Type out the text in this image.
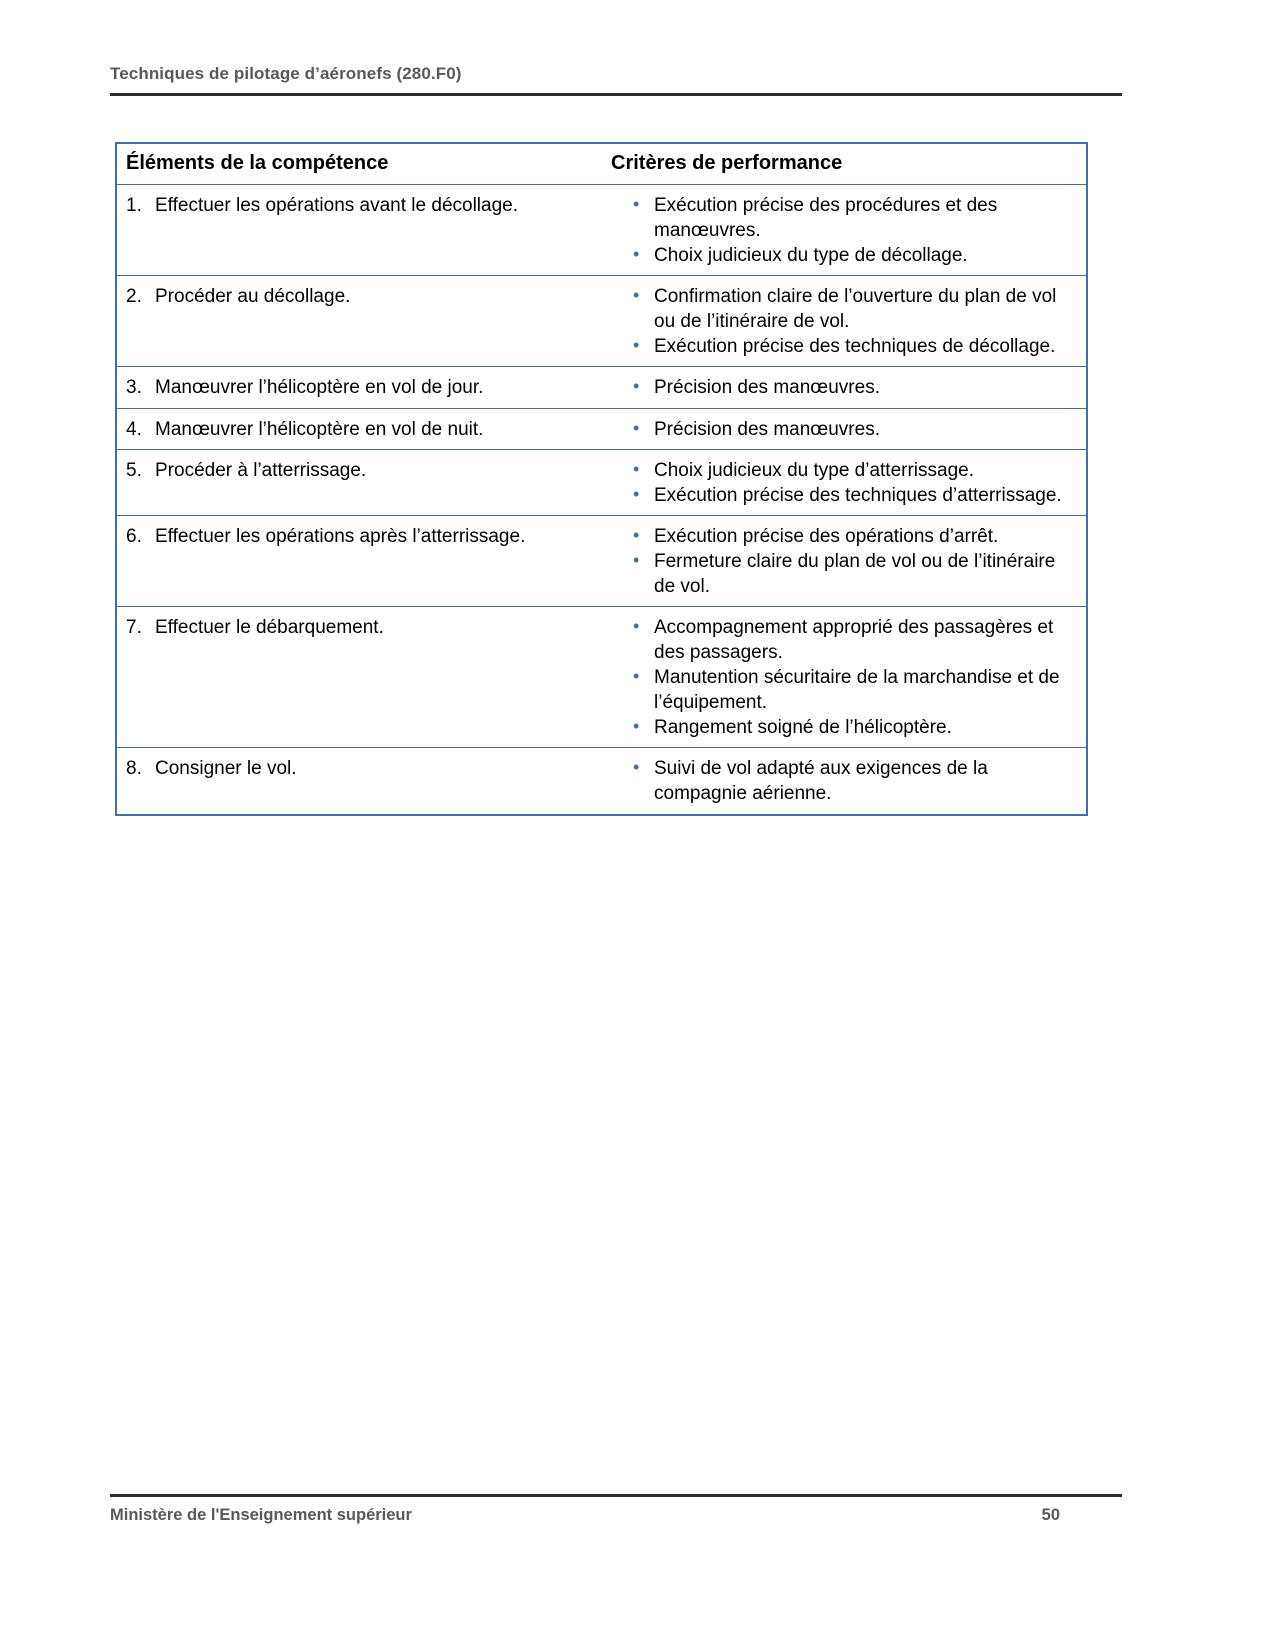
Techniques de pilotage d’aéronefs (280.F0)
Éléments de la compétence	Critères de performance

1. Effectuer les opérations avant le décollage.	• Exécution précise des procédures et des manœuvres.
• Choix judicieux du type de décollage.

2. Procéder au décollage.	• Confirmation claire de l’ouverture du plan de vol ou de l’itinéraire de vol.
• Exécution précise des techniques de décollage.

3. Manœuvrer l’hélicoptère en vol de jour.	• Précision des manœuvres.

4. Manœuvrer l’hélicoptère en vol de nuit.	• Précision des manœuvres.

5. Procéder à l’atterrissage.	• Choix judicieux du type d’atterrissage.
• Exécution précise des techniques d’atterrissage.

6. Effectuer les opérations après l’atterrissage.	• Exécution précise des opérations d’arrêt.
• Fermeture claire du plan de vol ou de l’itinéraire de vol.

7. Effectuer le débarquement.	• Accompagnement approprié des passagères et des passagers.
• Manutention sécuritaire de la marchandise et de l’équipement.
• Rangement soigné de l’hélicoptère.

8. Consigner le vol.	• Suivi de vol adapté aux exigences de la compagnie aérienne.
Ministère de l'Enseignement supérieur	50
